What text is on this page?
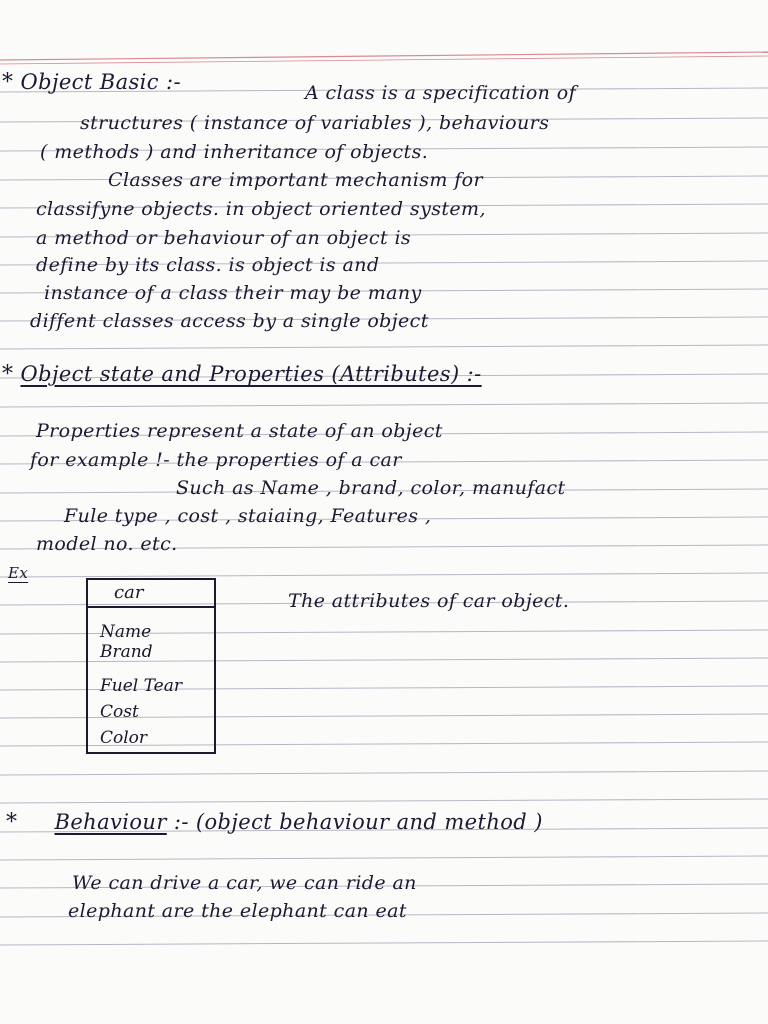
* Object Basic :-	A class is a specification of
structures ( instance of variables ), behaviours
( methods ) and inheritance of objects.
Classes are important mechanism for
classifyne objects. in object oriented system,
a method or behaviour of an object is
define by its class. is object is and
instance of a class their may be many
diffent classes access by a single object
* Object state and Properties (Attributes) :-
Properties represent a state of an object
for example !- the properties of a car
Such as Name , brand, color, manufact
Fule type , cost , staiaing, Features ,
model no. etc.
Ex
car
Name
Brand
Fuel Tear
Cost
Color
The attributes of car object.
* Behaviour :- (object behaviour and method )
We can drive a car, we can ride an
elephant are the elephant can eat
